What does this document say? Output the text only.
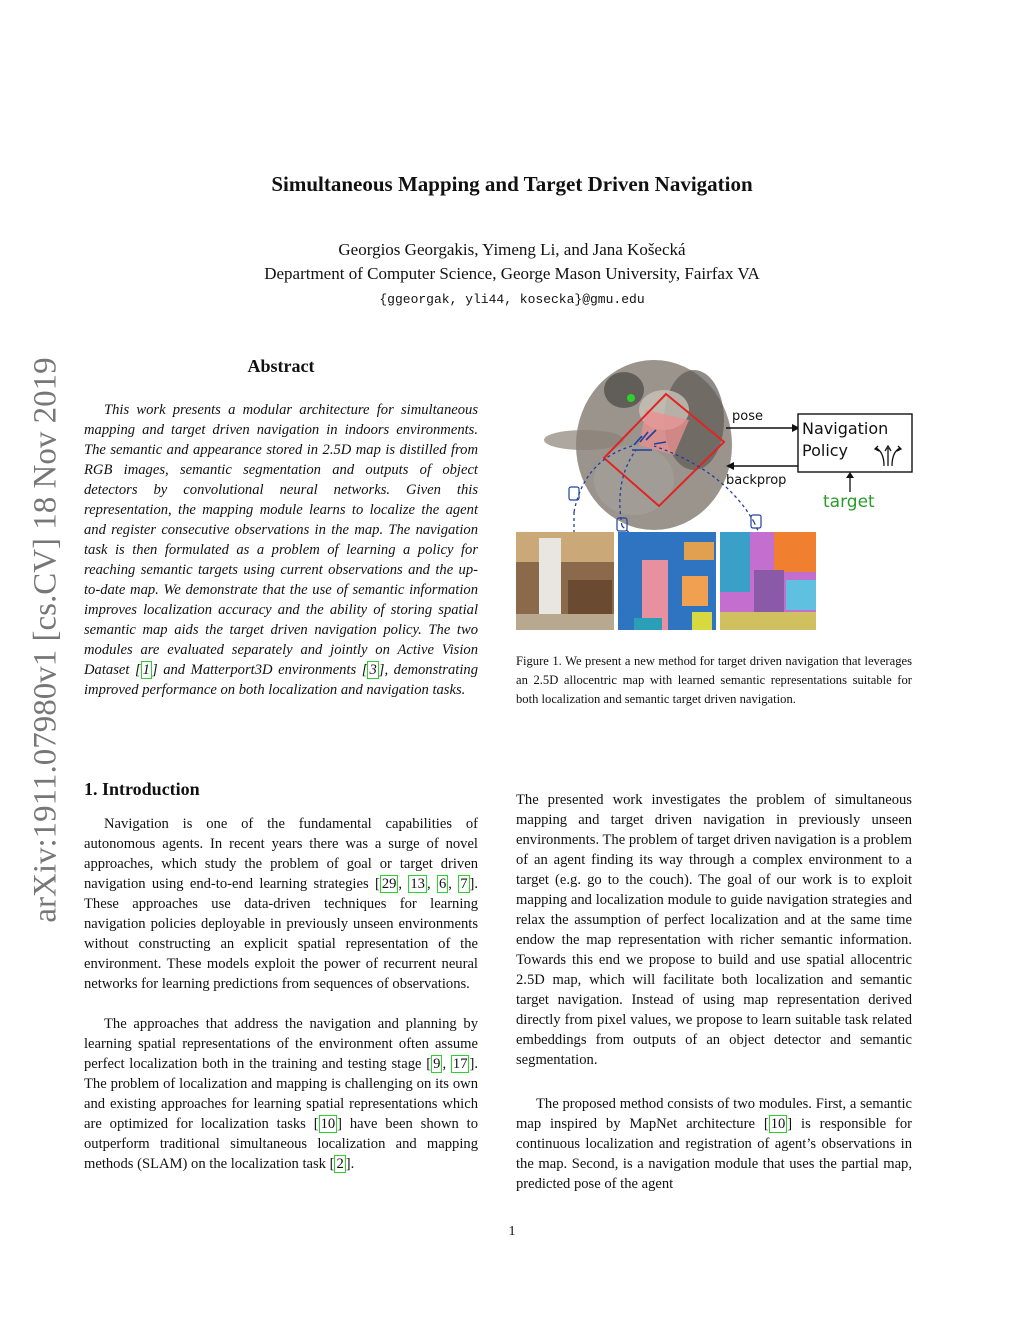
arXiv:1911.07980v1 [cs.CV] 18 Nov 2019
Simultaneous Mapping and Target Driven Navigation
Georgios Georgakis, Yimeng Li, and Jana Košecká
Department of Computer Science, George Mason University, Fairfax VA
{ggeorgak, yli44, kosecka}@gmu.edu
Abstract

This work presents a modular architecture for simultaneous mapping and target driven navigation in indoors environments. The semantic and appearance stored in 2.5D map is distilled from RGB images, semantic segmentation and outputs of object detectors by convolutional neural networks. Given this representation, the mapping module learns to localize the agent and register consecutive observations in the map. The navigation task is then formulated as a problem of learning a policy for reaching semantic targets using current observations and the up-to-date map. We demonstrate that the use of semantic information improves localization accuracy and the ability of storing spatial semantic map aids the target driven navigation policy. The two modules are evaluated separately and jointly on Active Vision Dataset [ 1 ] and Matterport3D environments [ 3 ], demonstrating improved performance on both localization and navigation tasks.

1. Introduction

Navigation is one of the fundamental capabilities of autonomous agents. In recent years there was a surge of novel approaches, which study the problem of goal or target driven navigation using end-to-end learning strategies [ 29 , 13 , 6 , 7 ]. These approaches use data-driven techniques for learning navigation policies deployable in previously unseen environments without constructing an explicit spatial representation of the environment. These models exploit the power of recurrent neural networks for learning predictions from sequences of observations.

The approaches that address the navigation and planning by learning spatial representations of the environment often assume perfect localization both in the training and testing stage [ 9 , 17 ]. The problem of localization and mapping is challenging on its own and existing approaches for learning spatial representations which are optimized for localization tasks [ 10 ] have been shown to outperform traditional simultaneous localization and mapping methods (SLAM) on the localization task [ 2 ].

The presented work investigates the problem of simultaneous mapping and target driven navigation in previously unseen environments. The problem of target driven navigation is a problem of an agent finding its way through a complex environment to a target (e.g. go to the couch). The goal of our work is to exploit mapping and localization module to guide navigation strategies and relax the assumption of perfect localization and at the same time endow the map representation with richer semantic information. Towards this end we propose to build and use spatial allocentric 2.5D map, which will facilitate both localization and semantic target navigation. Instead of using map representation derived directly from pixel values, we propose to learn suitable task related embeddings from outputs of an object detector and semantic segmentation.

The proposed method consists of two modules. First, a semantic map inspired by MapNet architecture [ 10 ] is responsible for continuous localization and registration of agent’s observations in the map. Second, is a navigation module that uses the partial map, predicted pose of the agent

pose
backprop
Navigation
Policy
target

Figure 1. We present a new method for target driven navigation that leverages an 2.5D allocentric map with learned semantic representations suitable for both localization and semantic target driven navigation.

1
